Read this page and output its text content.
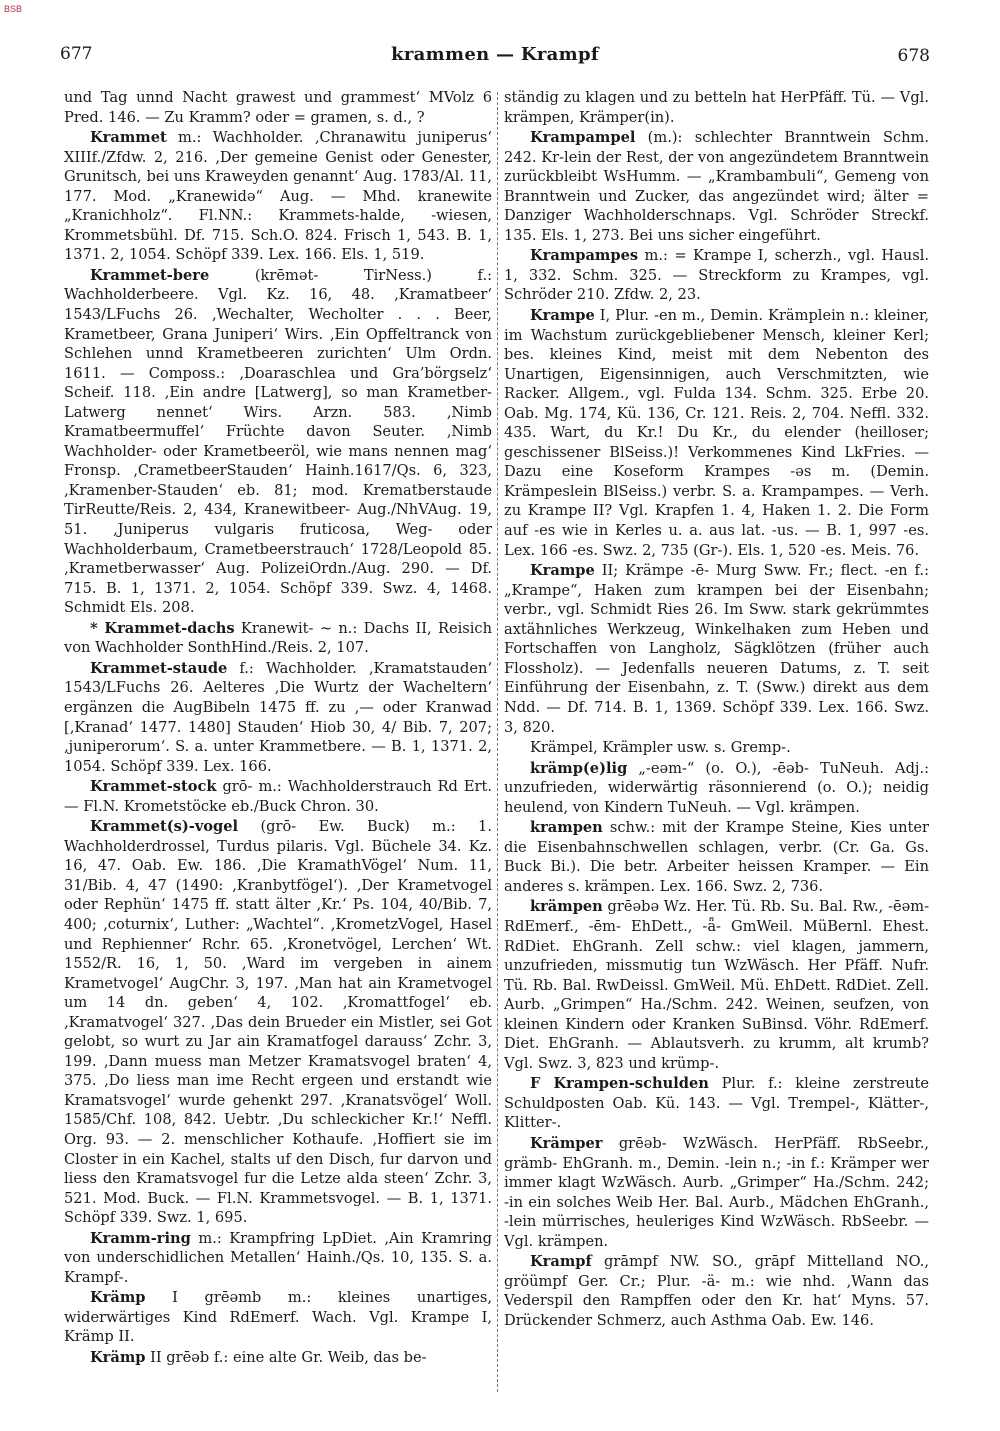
BSB
677	krammen — Krampf	678

und Tag unnd Nacht grawest und grammest‘ MVolz 6 Pred. 146. — Zu Kramm? oder = gramen, s. d., ?

Krammet m.: Wachholder. ‚Chranawitu juniperus‘ XIIIf./Zfdw. 2, 216. ‚Der gemeine Genist oder Genester, Grunitsch, bei uns Kraweyden genannt‘ Aug. 1783/Al. 11, 177. Mod. „Kranewidə“ Aug. — Mhd. kranewite „Kranichholz“. Fl.NN.: Krammets-halde, -wiesen, Krommetsbühl. Df. 715. Sch.O. 824. Frisch 1, 543. B. 1, 1371. 2, 1054. Schöpf 339. Lex. 166. Els. 1, 519.

Krammet-bere (krēmət- TirNess.) f.: Wachholderbeere. Vgl. Kz. 16, 48. ‚Kramatbeer‘ 1543/LFuchs 26. ‚Wechalter, Wecholter . . . Beer, Krametbeer, Grana Juniperi‘ Wirs. ‚Ein Opffeltranck von Schlehen unnd Krametbeeren zurichten‘ Ulm Ordn. 1611. — Composs.: ‚Doaraschlea und Gra’börgselz‘ Scheif. 118. ‚Ein andre [Latwerg], so man Krametber-Latwerg nennet‘ Wirs. Arzn. 583. ‚Nimb Kramatbeermuffel‘ Früchte davon Seuter. ‚Nimb Wachholder- oder Krametbeeröl, wie mans nennen mag‘ Fronsp. ‚CrametbeerStauden‘ Hainh.1617/Qs. 6, 323, ‚Kramenber-Stauden‘ eb. 81; mod. Krematberstaude TirReutte/Reis. 2, 434, Kranewitbeer- Aug./NhVAug. 19, 51. ‚Juniperus vulgaris fruticosa, Weg- oder Wachholderbaum, Crametbeerstrauch‘ 1728/Leopold 85. ‚Krametberwasser‘ Aug. PolizeiOrdn./Aug. 290. — Df. 715. B. 1, 1371. 2, 1054. Schöpf 339. Swz. 4, 1468. Schmidt Els. 208.

* Krammet-dachs Kranewit- ~ n.: Dachs II, Reisich von Wachholder SonthHind./Reis. 2, 107.

Krammet-staude f.: Wachholder. ‚Kramatstauden‘ 1543/LFuchs 26. Aelteres ‚Die Wurtz der Wacheltern‘ ergänzen die AugBibeln 1475 ff. zu ‚— oder Kranwad [‚Kranad‘ 1477. 1480] Stauden‘ Hiob 30, 4/ Bib. 7, 207; ‚juniperorum‘. S. a. unter Krammetbere. — B. 1, 1371. 2, 1054. Schöpf 339. Lex. 166.

Krammet-stock grō- m.: Wachholderstrauch Rd Ert. — Fl.N. Krometstöcke eb./Buck Chron. 30.

Krammet(s)-vogel (grō- Ew. Buck) m.: 1. Wachholderdrossel, Turdus pilaris. Vgl. Büchele 34. Kz. 16, 47. Oab. Ew. 186. ‚Die KramathVögel‘ Num. 11, 31/Bib. 4, 47 (1490: ‚Kranbytfögel‘). ‚Der Krametvogel oder Rephün‘ 1475 ff. statt älter ‚Kr.‘ Ps. 104, 40/Bib. 7, 400; ‚coturnix‘, Luther: „Wachtel“. ‚KrometzVogel, Hasel und Rephienner‘ Rchr. 65. ‚Kronetvögel, Lerchen‘ Wt. 1552/R. 16, 1, 50. ‚Ward im vergeben in ainem Krametvogel‘ AugChr. 3, 197. ‚Man hat ain Krametvogel um 14 dn. geben‘ 4, 102. ‚Kromattfogel‘ eb. ‚Kramatvogel‘ 327. ‚Das dein Brueder ein Mistler, sei Got gelobt, so wurt zu Jar ain Kramatfogel darauss‘ Zchr. 3, 199. ‚Dann muess man Metzer Kramatsvogel braten‘ 4, 375. ‚Do liess man ime Recht ergeen und erstandt wie Kramatsvogel‘ wurde gehenkt 297. ‚Kranatsvögel‘ Woll. 1585/Chf. 108, 842. Uebtr. ‚Du schleckicher Kr.!‘ Neffl. Org. 93. — 2. menschlicher Kothaufe. ‚Hoffiert sie im Closter in ein Kachel, stalts uf den Disch, fur darvon und liess den Kramatsvogel fur die Letze alda steen‘ Zchr. 3, 521. Mod. Buck. — Fl.N. Krammetsvogel. — B. 1, 1371. Schöpf 339. Swz. 1, 695.

Kramm-ring m.: Krampfring LpDiet. ‚Ain Kramring von underschidlichen Metallen‘ Hainh./Qs. 10, 135. S. a. Krampf-.

Krämp I grēəmb m.: kleines unartiges, widerwärtiges Kind RdEmerf. Wach. Vgl. Krampe I, Krämp II.

Krämp II grēəb f.: eine alte Gr. Weib, das be-

ständig zu klagen und zu betteln hat HerPfäff. Tü. — Vgl. krämpen, Krämper(in).

Krampampel (m.): schlechter Branntwein Schm. 242. Kr-lein der Rest, der von angezündetem Branntwein zurückbleibt WsHumm. — „Krambambuli“, Gemeng von Branntwein und Zucker, das angezündet wird; älter = Danziger Wachholderschnaps. Vgl. Schröder Streckf. 135. Els. 1, 273. Bei uns sicher eingeführt.

Krampampes m.: = Krampe I, scherzh., vgl. Hausl. 1, 332. Schm. 325. — Streckform zu Krampes, vgl. Schröder 210. Zfdw. 2, 23.

Krampe I, Plur. -en m., Demin. Krämplein n.: kleiner, im Wachstum zurückgebliebener Mensch, kleiner Kerl; bes. kleines Kind, meist mit dem Nebenton des Unartigen, Eigensinnigen, auch Verschmitzten, wie Racker. Allgem., vgl. Fulda 134. Schm. 325. Erbe 20. Oab. Mg. 174, Kü. 136, Cr. 121. Reis. 2, 704. Neffl. 332. 435. Wart, du Kr.! Du Kr., du elender (heilloser; geschissener BlSeiss.)! Verkommenes Kind LkFries. — Dazu eine Koseform Krampes -əs m. (Demin. Krämpeslein BlSeiss.) verbr. S. a. Krampampes. — Verh. zu Krampe II? Vgl. Krapfen 1. 4, Haken 1. 2. Die Form auf -es wie in Kerles u. a. aus lat. -us. — B. 1, 997 -es. Lex. 166 -es. Swz. 2, 735 (Gr-). Els. 1, 520 -es. Meis. 76.

Krampe II; Krämpe -ē- Murg Sww. Fr.; flect. -en f.: „Krampe“, Haken zum krampen bei der Eisenbahn; verbr., vgl. Schmidt Ries 26. Im Sww. stark gekrümmtes axtähnliches Werkzeug, Winkelhaken zum Heben und Fortschaffen von Langholz, Sägklötzen (früher auch Flossholz). — Jedenfalls neueren Datums, z. T. seit Einführung der Eisenbahn, z. T. (Sww.) direkt aus dem Ndd. — Df. 714. B. 1, 1369. Schöpf 339. Lex. 166. Swz. 3, 820.

Krämpel, Krämpler usw. s. Gremp-.

krämp(e)lig „-eəm-“ (o. O.), -ēəb- TuNeuh. Adj.: unzufrieden, widerwärtig räsonnierend (o. O.); neidig heulend, von Kindern TuNeuh. — Vgl. krämpen.

krampen schw.: mit der Krampe Steine, Kies unter die Eisenbahnschwellen schlagen, verbr. (Cr. Ga. Gs. Buck Bi.). Die betr. Arbeiter heissen Kramper. — Ein anderes s. krämpen. Lex. 166. Swz. 2, 736.

krämpen grēəbə Wz. Her. Tü. Rb. Su. Bal. Rw., -ēəm- RdEmerf., -ēm- EhDett., -ǟ- GmWeil. MüBernl. Ehest. RdDiet. EhGranh. Zell schw.: viel klagen, jammern, unzufrieden, missmutig tun WzWäsch. Her Pfäff. Nufr. Tü. Rb. Bal. RwDeissl. GmWeil. Mü. EhDett. RdDiet. Zell. Aurb. „Grimpen“ Ha./Schm. 242. Weinen, seufzen, von kleinen Kindern oder Kranken SuBinsd. Vöhr. RdEmerf. Diet. EhGranh. — Ablautsverh. zu krumm, alt krumb? Vgl. Swz. 3, 823 und krümp-.

F Krampen-schulden Plur. f.: kleine zerstreute Schuldposten Oab. Kü. 143. — Vgl. Trempel-, Klätter-, Klitter-.

Krämper grēəb- WzWäsch. HerPfäff. RbSeebr., grämb- EhGranh. m., Demin. -lein n.; -in f.: Krämper wer immer klagt WzWäsch. Aurb. „Grimper“ Ha./Schm. 242; -in ein solches Weib Her. Bal. Aurb., Mädchen EhGranh., -lein mürrisches, heuleriges Kind WzWäsch. RbSeebr. — Vgl. krämpen.

Krampf grāmpf NW. SO., grāpf Mittelland NO., gröümpf Ger. Cr.; Plur. -ä- m.: wie nhd. ‚Wann das Vederspil den Rampffen oder den Kr. hat‘ Myns. 57. Drückender Schmerz, auch Asthma Oab. Ew. 146.
